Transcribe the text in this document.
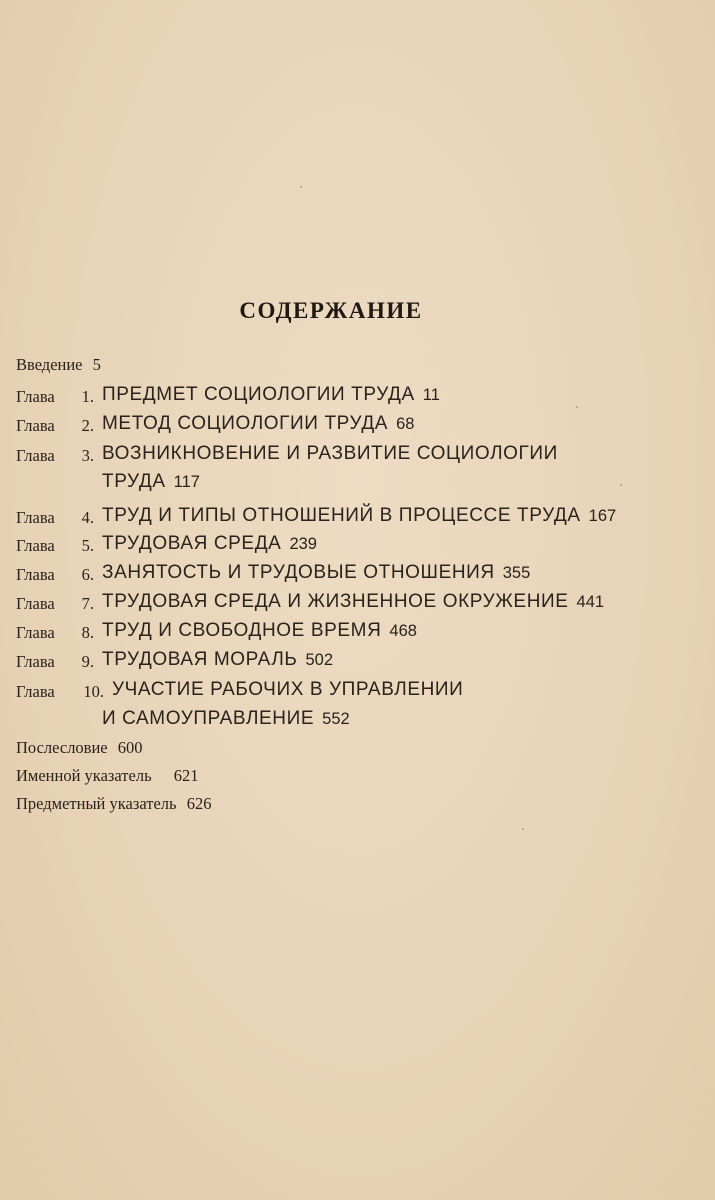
СОДЕРЖАНИЕ
Введение 5
Глава	1. ПРЕДМЕТ СОЦИОЛОГИИ ТРУДА 11
Глава	2. МЕТОД СОЦИОЛОГИИ ТРУДА 68
Глава	3. ВОЗНИКНОВЕНИЕ И РАЗВИТИЕ СОЦИОЛОГИИ
ТРУДА 117
Глава	4. ТРУД И ТИПЫ ОТНОШЕНИЙ В ПРОЦЕССЕ ТРУДА 167
Глава	5. ТРУДОВАЯ СРЕДА 239
Глава	6. ЗАНЯТОСТЬ И ТРУДОВЫЕ ОТНОШЕНИЯ 355
Глава	7. ТРУДОВАЯ СРЕДА И ЖИЗНЕННОЕ ОКРУЖЕНИЕ 441
Глава	8. ТРУД И СВОБОДНОЕ ВРЕМЯ 468
Глава	9. ТРУДОВАЯ МОРАЛЬ 502
Глава	10. УЧАСТИЕ РАБОЧИХ В УПРАВЛЕНИИ
И САМОУПРАВЛЕНИЕ 552
Послесловие 600
Именной указатель 621
Предметный указатель 626
